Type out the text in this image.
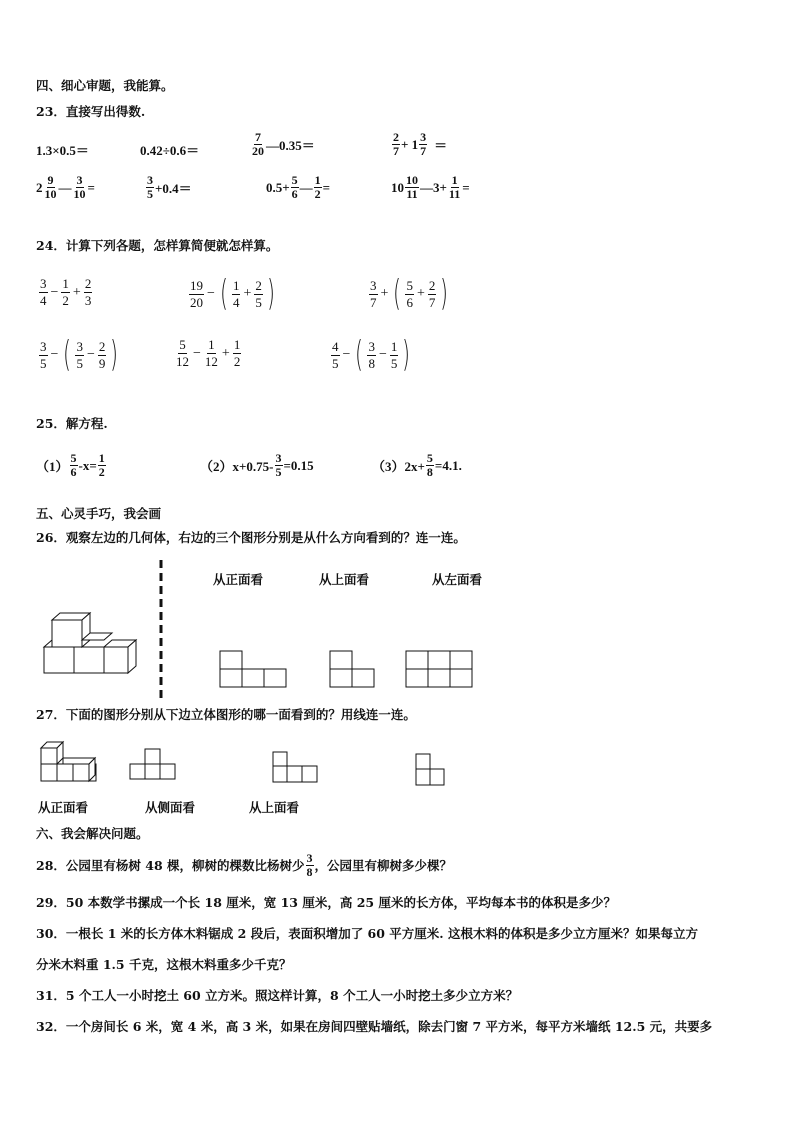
四、细心审题，我能算。
23．直接写出得数.
1.3×0.5＝	0.42÷0.6＝	$\frac{7}{20}$ —0.35＝	$\frac{2}{7} + 1 \frac{3}{7}$ ＝
$2 \frac{9}{10}$ — $\frac{3}{10}$ =	$\frac{3}{5} +0.4=$	$0.5+ \frac{5}{6}$ — $\frac{1}{2}$ =	$10 \frac{10}{11}$ —3+ $\frac{1}{11}$ =
24．计算下列各题，怎样算简便就怎样算。
$\frac{3}{4} - \frac{1}{2} + \frac{2}{3}$	$\frac{19}{20}$ − ( $\frac{1}{4} + \frac{2}{5}$ )	$\frac{3}{7}$ + ( $\frac{5}{6} + \frac{2}{7}$ )
$\frac{3}{5}$ − ( $\frac{3}{5} - \frac{2}{9}$ )	$\frac{5}{12} - \frac{1}{12} + \frac{1}{2}$	$\frac{4}{5}$ − ( $\frac{3}{8} - \frac{1}{5}$ )
25．解方程.
$(1) \frac{5}{6} -x= \frac{1}{2}$	$(2)x+0.75- \frac{3}{5} =0.15$	$(3)2x+ \frac{5}{8} =4.1$.
五、心灵手巧，我会画
26．观察左边的几何体，右边的三个图形分别是从什么方向看到的？连一连。
从正面看	从上面看	从左面看
27．下面的图形分别从下边立体图形的哪一面看到的？用线连一连。
从正面看	从侧面看	从上面看
六、我会解决问题。
28．公园里有杨树 48 棵，柳树的棵数比杨树少 $\frac{3}{8}$ ，公园里有柳树多少棵？
29．50 本数学书摞成一个长 18 厘米，宽 13 厘米，高 25 厘米的长方体，平均每本书的体积是多少？
30．一根长 1 米的长方体木料锯成 2 段后，表面积增加了 60 平方厘米. 这根木料的体积是多少立方厘米？如果每立方
分米木料重 1.5 千克，这根木料重多少千克？
31．5 个工人一小时挖土 60 立方米。照这样计算，8 个工人一小时挖土多少立方米？
32．一个房间长 6 米，宽 4 米，高 3 米，如果在房间四壁贴墙纸，除去门窗 7 平方米，每平方米墙纸 12.5 元，共要多
